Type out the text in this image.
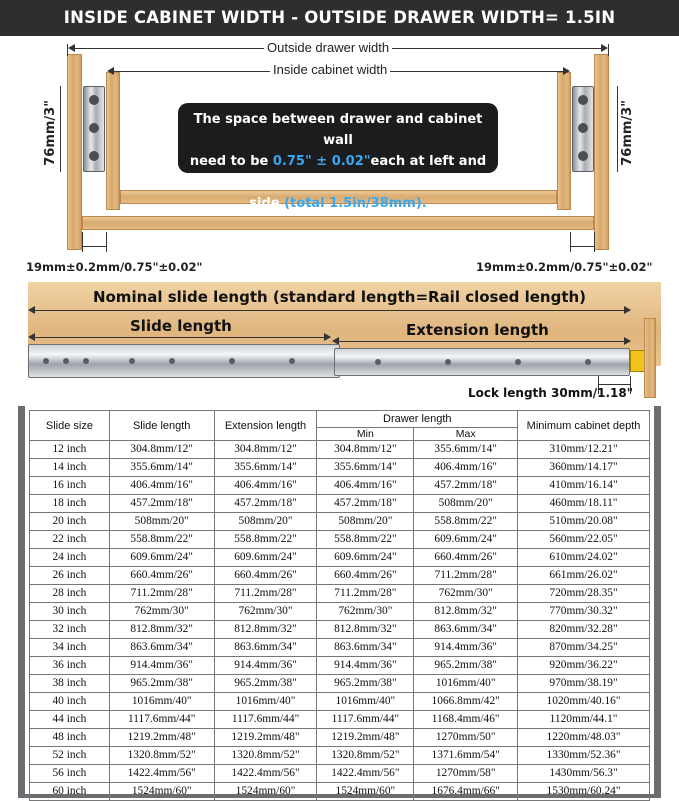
INSIDE CABINET WIDTH - OUTSIDE DRAWER WIDTH= 1.5IN
Outside drawer width
Inside cabinet width
76mm/3"	76mm/3"
The space between drawer and cabinet wall
need to be 0.75" ± 0.02"each at left and right
side (total 1.5in/38mm).
19mm±0.2mm/0.75"±0.02"	19mm±0.2mm/0.75"±0.02"
Nominal slide length (standard length=Rail closed length)
Slide length	Extension length
Lock length 30mm/1.18"
Slide size	Slide length	Extension length	Drawer length		Minimum cabinet depth
			Min	Max	
12 inch	304.8mm/12"	304.8mm/12"	304.8mm/12"	355.6mm/14"	310mm/12.21"
14 inch	355.6mm/14"	355.6mm/14"	355.6mm/14"	406.4mm/16"	360mm/14.17"
16 inch	406.4mm/16"	406.4mm/16"	406.4mm/16"	457.2mm/18"	410mm/16.14"
18 inch	457.2mm/18"	457.2mm/18"	457.2mm/18"	508mm/20"	460mm/18.11"
20 inch	508mm/20"	508mm/20"	508mm/20"	558.8mm/22"	510mm/20.08"
22 inch	558.8mm/22"	558.8mm/22"	558.8mm/22"	609.6mm/24"	560mm/22.05"
24 inch	609.6mm/24"	609.6mm/24"	609.6mm/24"	660.4mm/26"	610mm/24.02"
26 inch	660.4mm/26"	660.4mm/26"	660.4mm/26"	711.2mm/28"	661mm/26.02"
28 inch	711.2mm/28"	711.2mm/28"	711.2mm/28"	762mm/30"	720mm/28.35"
30 inch	762mm/30"	762mm/30"	762mm/30"	812.8mm/32"	770mm/30.32"
32 inch	812.8mm/32"	812.8mm/32"	812.8mm/32"	863.6mm/34"	820mm/32.28"
34 inch	863.6mm/34"	863.6mm/34"	863.6mm/34"	914.4mm/36"	870mm/34.25"
36 inch	914.4mm/36"	914.4mm/36"	914.4mm/36"	965.2mm/38"	920mm/36.22"
38 inch	965.2mm/38"	965.2mm/38"	965.2mm/38"	1016mm/40"	970mm/38.19"
40 inch	1016mm/40"	1016mm/40"	1016mm/40"	1066.8mm/42"	1020mm/40.16"
44 inch	1117.6mm/44"	1117.6mm/44"	1117.6mm/44"	1168.4mm/46"	1120mm/44.1"
48 inch	1219.2mm/48"	1219.2mm/48"	1219.2mm/48"	1270mm/50"	1220mm/48.03"
52 inch	1320.8mm/52"	1320.8mm/52"	1320.8mm/52"	1371.6mm/54"	1330mm/52.36"
56 inch	1422.4mm/56"	1422.4mm/56"	1422.4mm/56"	1270mm/58"	1430mm/56.3"
60 inch	1524mm/60"	1524mm/60"	1524mm/60"	1676.4mm/66"	1530mm/60.24"
